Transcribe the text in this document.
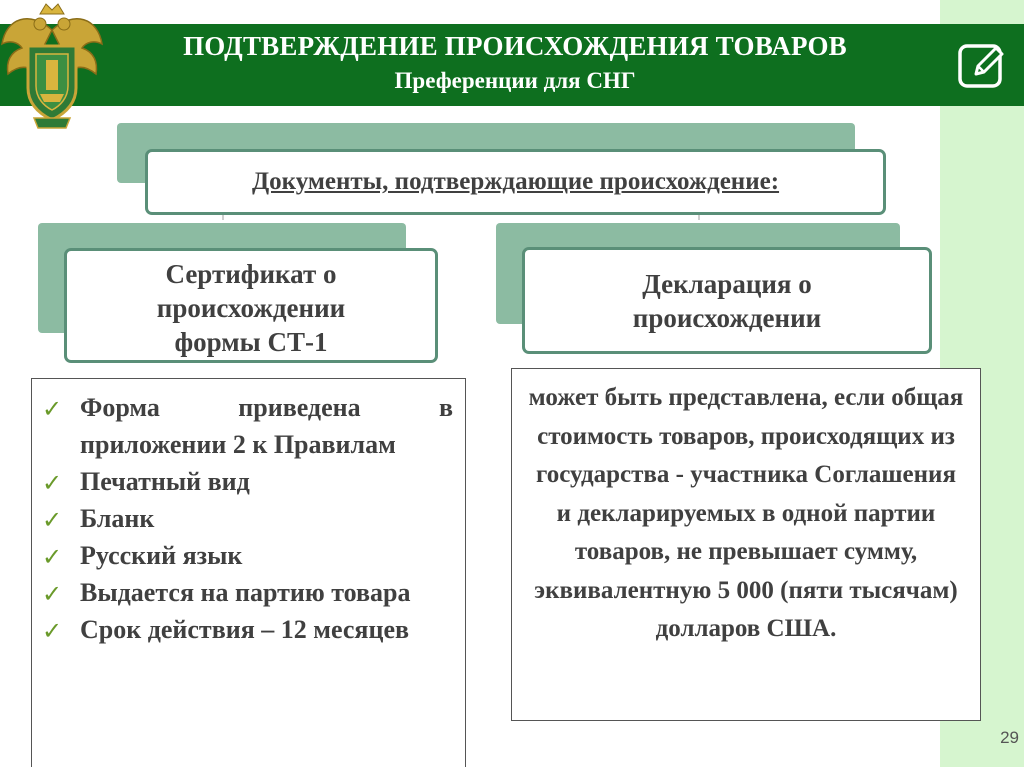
ПОДТВЕРЖДЕНИЕ ПРОИСХОЖДЕНИЯ ТОВАРОВ
Преференции для СНГ
Документы, подтверждающие происхождение:
Сертификат о происхождении формы СТ-1
Декларация о происхождении
✓ Форма приведена в приложении 2 к Правилам
✓ Печатный вид
✓ Бланк
✓ Русский язык
✓ Выдается на партию товара
✓ Срок действия – 12 месяцев
может быть представлена, если общая стоимость товаров, происходящих из государства - участника Соглашения и декларируемых в одной партии товаров, не превышает сумму, эквивалентную 5 000 (пяти тысячам) долларов США.
29
